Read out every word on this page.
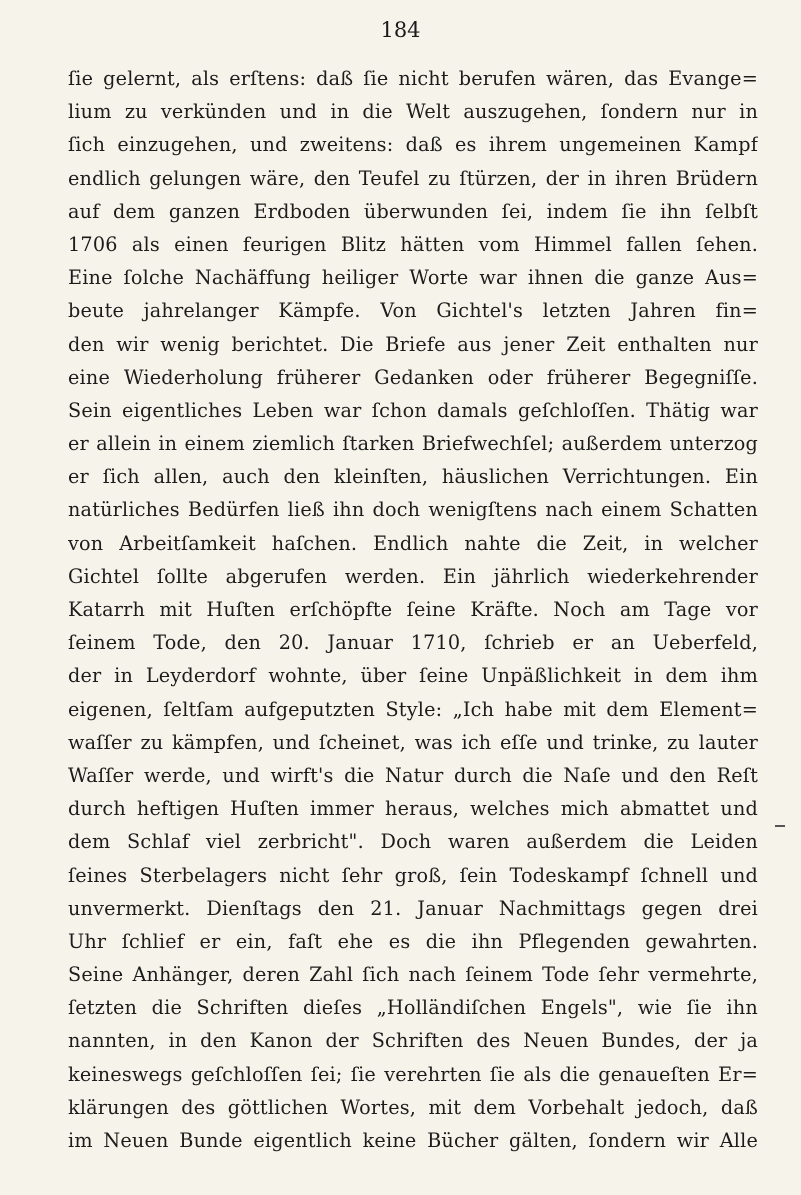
184
ſie gelernt, als erſtens: daß ſie nicht berufen wären, das Evange=
lium zu verkünden und in die Welt auszugehen, ſondern nur in
ſich einzugehen, und zweitens: daß es ihrem ungemeinen Kampf
endlich gelungen wäre, den Teufel zu ſtürzen, der in ihren Brüdern
auf dem ganzen Erdboden überwunden ſei, indem ſie ihn ſelbſt
1706 als einen feurigen Blitz hätten vom Himmel fallen ſehen.
Eine ſolche Nachäffung heiliger Worte war ihnen die ganze Aus=
beute jahrelanger Kämpfe. Von Gichtel's letzten Jahren fin=
den wir wenig berichtet. Die Briefe aus jener Zeit enthalten nur
eine Wiederholung früherer Gedanken oder früherer Begegniſſe.
Sein eigentliches Leben war ſchon damals geſchloſſen. Thätig war
er allein in einem ziemlich ſtarken Briefwechſel; außerdem unterzog
er ſich allen, auch den kleinſten, häuslichen Verrichtungen. Ein
natürliches Bedürfen ließ ihn doch wenigſtens nach einem Schatten
von Arbeitſamkeit haſchen. Endlich nahte die Zeit, in welcher
Gichtel ſollte abgerufen werden. Ein jährlich wiederkehrender
Katarrh mit Huſten erſchöpfte ſeine Kräfte. Noch am Tage vor
ſeinem Tode, den 20. Januar 1710, ſchrieb er an Ueberfeld,
der in Leyderdorf wohnte, über ſeine Unpäßlichkeit in dem ihm
eigenen, ſeltſam aufgeputzten Style: „Ich habe mit dem Element=
waſſer zu kämpfen, und ſcheinet, was ich eſſe und trinke, zu lauter
Waſſer werde, und wirft's die Natur durch die Naſe und den Reſt
durch heftigen Huſten immer heraus, welches mich abmattet und
dem Schlaf viel zerbricht". Doch waren außerdem die Leiden
ſeines Sterbelagers nicht ſehr groß, ſein Todeskampf ſchnell und
unvermerkt. Dienſtags den 21. Januar Nachmittags gegen drei
Uhr ſchlief er ein, faſt ehe es die ihn Pflegenden gewahrten.
Seine Anhänger, deren Zahl ſich nach ſeinem Tode ſehr vermehrte,
ſetzten die Schriften dieſes „Holländiſchen Engels", wie ſie ihn
nannten, in den Kanon der Schriften des Neuen Bundes, der ja
keineswegs geſchloſſen ſei; ſie verehrten ſie als die genaueſten Er=
klärungen des göttlichen Wortes, mit dem Vorbehalt jedoch, daß
im Neuen Bunde eigentlich keine Bücher gälten, ſondern wir Alle
